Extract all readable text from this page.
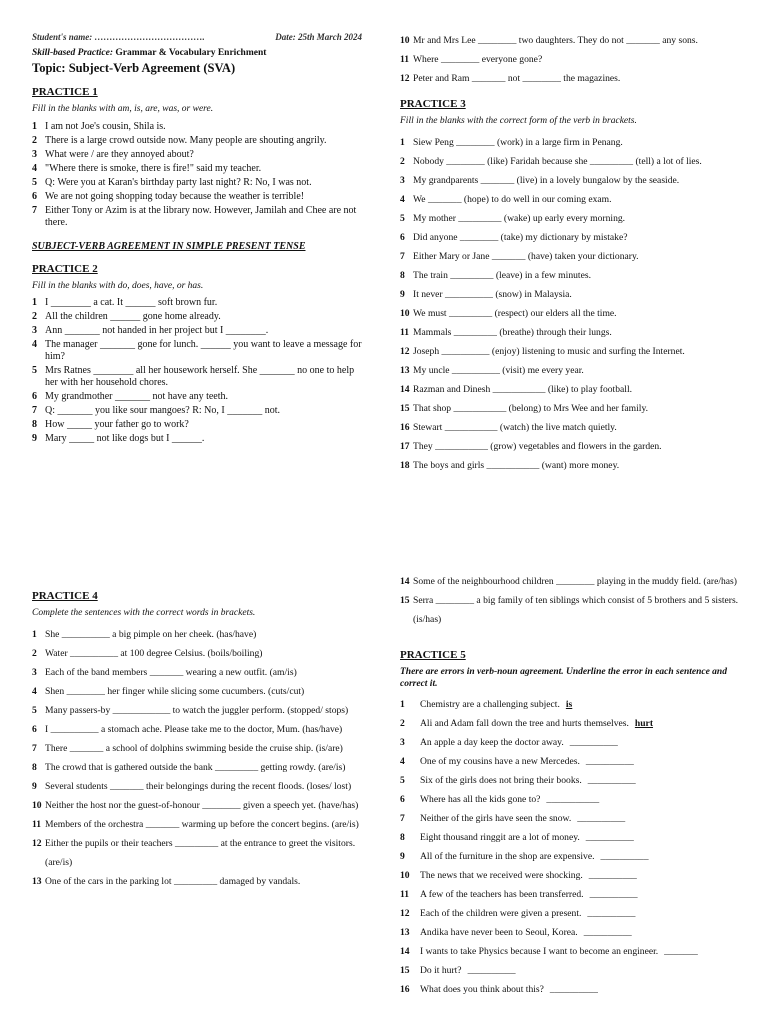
Student's name: ……………………………….	Date: 25th March 2024
Skill-based Practice: Grammar & Vocabulary Enrichment
Topic: Subject-Verb Agreement (SVA)
PRACTICE 1
Fill in the blanks with am, is, are, was, or were.
1 I am not Joe's cousin, Shila is.
2 There is a large crowd outside now. Many people are shouting angrily.
3 What were / are they annoyed about?
4 "Where there is smoke, there is fire!" said my teacher.
5 Q: Were you at Karan's birthday party last night? R: No, I was not.
6 We are not going shopping today because the weather is terrible!
7 Either Tony or Azim is at the library now. However, Jamilah and Chee are not there.
SUBJECT-VERB AGREEMENT IN SIMPLE PRESENT TENSE
PRACTICE 2
Fill in the blanks with do, does, have, or has.
1 I ________ a cat. It ______ soft brown fur.
2 All the children ______ gone home already.
3 Ann _______ not handed in her project but I ________.
4 The manager _______ gone for lunch. ______ you want to leave a message for him?
5 Mrs Ratnes ________ all her housework herself. She _______ no one to help her with her household chores.
6 My grandmother _______ not have any teeth.
7 Q: _______ you like sour mangoes? R: No, I _______ not.
8 How _____ your father go to work?
9 Mary _____ not like dogs but I ______.
10 Mr and Mrs Lee ________ two daughters. They do not _______ any sons.
11 Where ________ everyone gone?
12 Peter and Ram _______ not ________ the magazines.
PRACTICE 3
Fill in the blanks with the correct form of the verb in brackets.
1 Siew Peng ________ (work) in a large firm in Penang.
2 Nobody ________ (like) Faridah because she _________ (tell) a lot of lies.
3 My grandparents _______ (live) in a lovely bungalow by the seaside.
4 We _______ (hope) to do well in our coming exam.
5 My mother _________ (wake) up early every morning.
6 Did anyone ________ (take) my dictionary by mistake?
7 Either Mary or Jane _______ (have) taken your dictionary.
8 The train _________ (leave) in a few minutes.
9 It never __________ (snow) in Malaysia.
10 We must _________ (respect) our elders all the time.
11 Mammals _________ (breathe) through their lungs.
12 Joseph __________ (enjoy) listening to music and surfing the Internet.
13 My uncle __________ (visit) me every year.
14 Razman and Dinesh ___________ (like) to play football.
15 That shop ___________ (belong) to Mrs Wee and her family.
16 Stewart ___________ (watch) the live match quietly.
17 They ___________ (grow) vegetables and flowers in the garden.
18 The boys and girls ___________ (want) more money.
PRACTICE 4
Complete the sentences with the correct words in brackets.
1 She __________ a big pimple on her cheek. (has/have)
2 Water __________ at 100 degree Celsius. (boils/boiling)
3 Each of the band members _______ wearing a new outfit. (am/is)
4 Shen ________ her finger while slicing some cucumbers. (cuts/cut)
5 Many passers-by ____________ to watch the juggler perform. (stopped/ stops)
6 I __________ a stomach ache. Please take me to the doctor, Mum. (has/have)
7 There _______ a school of dolphins swimming beside the cruise ship. (is/are)
8 The crowd that is gathered outside the bank _________ getting rowdy. (are/is)
9 Several students _______ their belongings during the recent floods. (loses/ lost)
10 Neither the host nor the guest-of-honour ________ given a speech yet. (have/has)
11 Members of the orchestra _______ warming up before the concert begins. (are/is)
12 Either the pupils or their teachers _________ at the entrance to greet the visitors. (are/is)
13 One of the cars in the parking lot _________ damaged by vandals.
14 Some of the neighbourhood children ________ playing in the muddy field. (are/has)
15 Serra ________ a big family of ten siblings which consist of 5 brothers and 5 sisters. (is/has)
PRACTICE 5
There are errors in verb-noun agreement. Underline the error in each sentence and correct it.
1	Chemistry are a challenging subject. is
2	Ali and Adam fall down the tree and hurts themselves. hurt
3	An apple a day keep the doctor away. __________
4	One of my cousins have a new Mercedes. __________
5	Six of the girls does not bring their books. __________
6	Where has all the kids gone to? ___________
7	Neither of the girls have seen the snow. __________
8	Eight thousand ringgit are a lot of money. __________
9	All of the furniture in the shop are expensive. __________
10	The news that we received were shocking. __________
11	A few of the teachers has been transferred. __________
12	Each of the children were given a present. __________
13	Andika have never been to Seoul, Korea. __________
14	I wants to take Physics because I want to become an engineer. _______
15	Do it hurt? __________
16	What does you think about this? __________
